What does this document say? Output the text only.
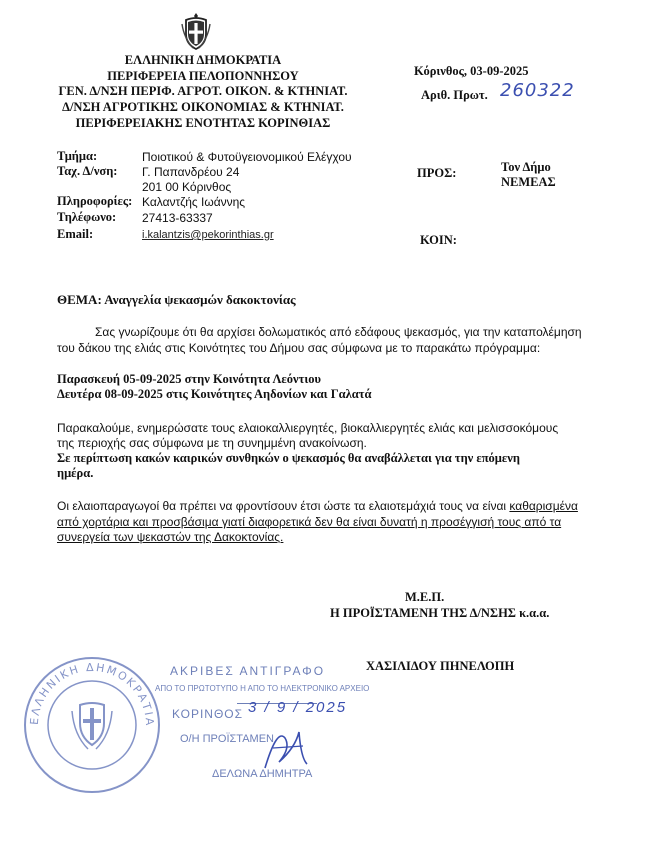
ΕΛΛΗΝΙΚΗ ΔΗΜΟΚΡΑΤΙΑ
ΠΕΡΙΦΕΡΕΙΑ ΠΕΛΟΠΟΝΝΗΣΟΥ
ΓΕΝ. Δ/ΝΣΗ ΠΕΡΙΦ. ΑΓΡΟΤ. ΟΙΚΟΝ. & ΚΤΗΝΙΑΤ.
Δ/ΝΣΗ ΑΓΡΟΤΙΚΗΣ ΟΙΚΟΝΟΜΙΑΣ & ΚΤΗΝΙΑΤ.
ΠΕΡΙΦΕΡΕΙΑΚΗΣ ΕΝΟΤΗΤΑΣ ΚΟΡΙΝΘΙΑΣ
Κόρινθος, 03-09-2025
Αριθ. Πρωτ. 260322
Τμήμα:	Ποιοτικού & Φυτοϋγειονομικού Ελέγχου
Ταχ. Δ/νση: Γ. Παπανδρέου 24
201 00 Κόρινθος
Πληροφορίες: Καλαντζής Ιωάννης
Τηλέφωνο: 27413-63337
Email:	i.kalantzis@pekorinthias.gr
ΠΡΟΣ:	Τον Δήμο
ΝΕΜΕΑΣ
ΚΟΙΝ:
ΘΕΜΑ: Αναγγελία ψεκασμών δακοκτονίας
Σας γνωρίζουμε ότι θα αρχίσει δολωματικός από εδάφους ψεκασμός, για την καταπολέμηση
του δάκου της ελιάς στις Κοινότητες του Δήμου σας σύμφωνα με το παρακάτω πρόγραμμα:
Παρασκευή 05-09-2025 στην Κοινότητα Λεόντιου
Δευτέρα 08-09-2025 στις Κοινότητες Αηδονίων και Γαλατά
Παρακαλούμε, ενημερώσατε τους ελαιοκαλλιεργητές, βιοκαλλιεργητές ελιάς και μελισσοκόμους
της περιοχής σας σύμφωνα με τη συνημμένη ανακοίνωση.
Σε περίπτωση κακών καιρικών συνθηκών ο ψεκασμός θα αναβάλλεται για την επόμενη
ημέρα.
Οι ελαιοπαραγωγοί θα πρέπει να φροντίσουν έτσι ώστε τα ελαιοτεμάχιά τους να είναι καθαρισμένα
από χορτάρια και προσβάσιμα γιατί διαφορετικά δεν θα είναι δυνατή η προσέγγισή τους από τα
συνεργεία των ψεκαστών της Δακοκτονίας.
Μ.Ε.Π.
Η ΠΡΟΪΣΤΑΜΕΝΗ ΤΗΣ Δ/ΝΣΗΣ κ.α.α.
ΧΑΣΙΛΙΔΟΥ ΠΗΝΕΛΟΠΗ
ΕΛΛΗΝΙΚΗ ΔΗΜΟΚΡΑΤΙΑ
ΑΚΡΙΒΕΣ ΑΝΤΙΓΡΑΦΟ
ΑΠΟ ΤΟ ΠΡΩΤΟΤΥΠΟ Η ΑΠΟ ΤΟ ΗΛΕΚΤΡΟΝΙΚΟ ΑΡΧΕΙΟ
ΚΟΡΙΝΘΟΣ 3 / 9 / 2025
Ο/Η ΠΡΟΪΣΤΑΜΕΝ
ΔΕΛΩΝΑ ΔΗΜΗΤΡΑ
